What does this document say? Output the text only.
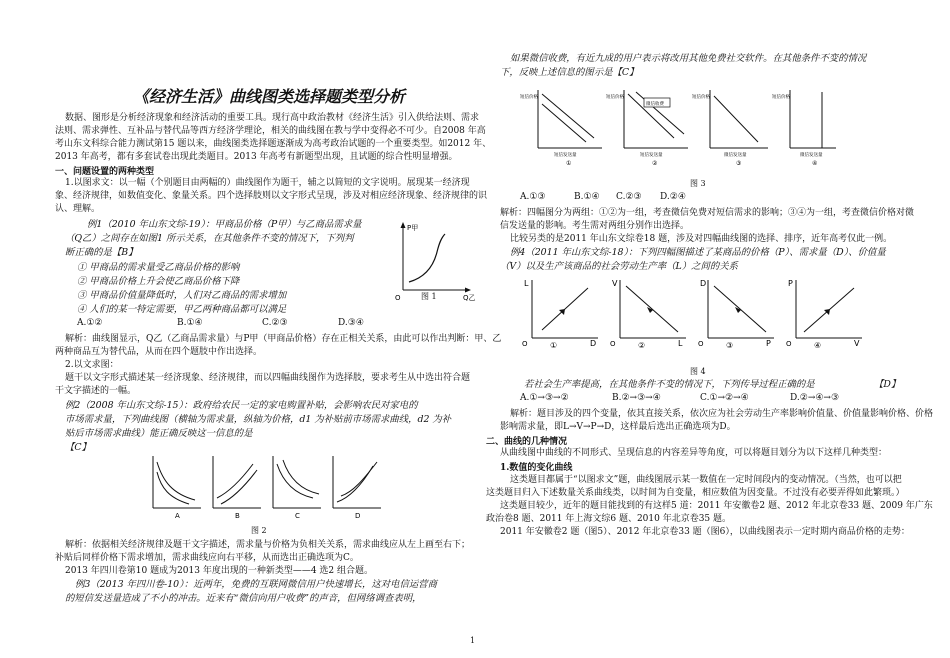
《经济生活》曲线图类选择题类型分析
数据、图形是分析经济现象和经济活动的重要工具。现行高中政治教材《经济生活》引入供给法则、需求
法则、需求弹性、互补品与替代品等西方经济学理论，相关的曲线图在教与学中变得必不可少。自2008 年高
考山东文科综合能力测试第15 题以来，曲线图类选择题逐渐成为高考政治试题的一个重要类型。如2012 年、
2013 年高考，都有多套试卷出现此类题目。2013 年高考有新题型出现，且试题的综合性明显增强。
一、问题设置的两种类型
1.以图求文：以一幅（个别题目由两幅的）曲线图作为题干，辅之以简短的文字说明。展现某一经济现
象、经济规律，如数值变化、象量关系。四个选择肢则以文字形式呈现，涉及对相应经济现象、经济规律的识
认、理解。
例1（2010 年山东文综-19）：甲商品价格（P甲）与乙商品需求量
（Q乙）之间存在如图1 所示关系，在其他条件不变的情况下，下列判
断正确的是【B】
① 甲商品的需求量受乙商品价格的影响
② 甲商品价格上升会使乙商品价格下降
③ 甲商品价值量降低时，人们对乙商品的需求增加
④ 人们的某一特定需要，甲乙两种商品都可以满足
A.①②	B.①④	C.②③	D.③④
P甲
Q乙
O	图 1
解析：曲线图显示，Q乙（乙商品需求量）与P甲（甲商品价格）存在正相关关系，由此可以作出判断：甲、乙
两种商品互为替代品，从而在四个题肢中作出选择。
2.以文求图：
题干以文字形式描述某一经济现象、经济规律，而以四幅曲线图作为选择肢，要求考生从中选出符合题
干文字描述的一幅。
例2（2008 年山东文综-15）：政府给农民一定的家电购置补贴，会影响农民对家电的
市场需求量，下列曲线图（横轴为需求量，纵轴为价格，d1 为补贴前市场需求曲线，d2 为补
贴后市场需求曲线）能正确反映这一信息的是
【C】
A	B	C	D
图 2
解析：依据相关经济规律及题干文字描述，需求量与价格为负相关关系，需求曲线应从左上画至右下；
补贴后同样价格下需求增加，需求曲线应向右平移，从而选出正确选项为C。
2013 年四川卷第10 题成为2013 年度出现的一种新类型——4 选2 组合题。
例3（2013 年四川卷-10）：近两年，免费的互联网微信用户快速增长，这对电信运营商
的短信发送量造成了不小的冲击。近来有“微信向用户收费”的声音，但网络调查表明，
如果微信收费，有近九成的用户表示将改用其他免费社交软件。在其他条件不变的情况
下，反映上述信息的图示是【C】
短信价格
短信发送量
①
微信收费
短信价格
短信发送量
②
短信价格
微信发送量
③
短信价格
微信发送量
④
图 3
A.①③	B.①④ C.②③ D.②④
解析：四幅图分为两组：①②为一组，考查微信免费对短信需求的影响；③④为一组，考查微信价格对微
信发送量的影响。考生需对两组分别作出选择。
比较另类的是2011 年山东文综卷18 题，涉及对四幅曲线图的选择、排序，近年高考仅此一例。
例4（2011 年山东文综-18）：下列四幅图描述了某商品的价格（P）、需求量（D）、价值量
（V）以及生产该商品的社会劳动生产率（L）之间的关系
L
O	①	D
V
O	②	L
D
O	③	P
P
O	④	V
图 4
若社会生产率提高，在其他条件不变的情况下，下列传导过程正确的是	【D】
A.①→③→②	B.②→③→④	C.①→②→④	D.②→④→③
解析：题目涉及的四个变量，依其直接关系，依次应为社会劳动生产率影响价值量、价值量影响价格、价格
影响需求量，即L→V→P→D，这样最后选出正确选项为D。
二、曲线的几种情况
从曲线图中曲线的不同形式、呈现信息的内容差异等角度，可以将题目划分为以下这样几种类型：
1.数值的变化曲线
这类题目都属于“以图求文”题，曲线图展示某一数值在一定时间段内的变动情况。（当然，也可以把
这类题目归入下述数量关系曲线类，以时间为自变量，相应数值为因变量。不过没有必要弄得如此繁琐。）
这类题目较少，近年的题目能找到的有这样5 道：2011 年安徽卷2 题、2012 年北京卷33 题、2009 年广东
政治卷8 题、2011 年上海文综6 题、2010 年北京卷35 题。
2011 年安徽卷2 题（图5）、2012 年北京卷33 题（图6），以曲线图表示一定时期内商品价格的走势：
1
